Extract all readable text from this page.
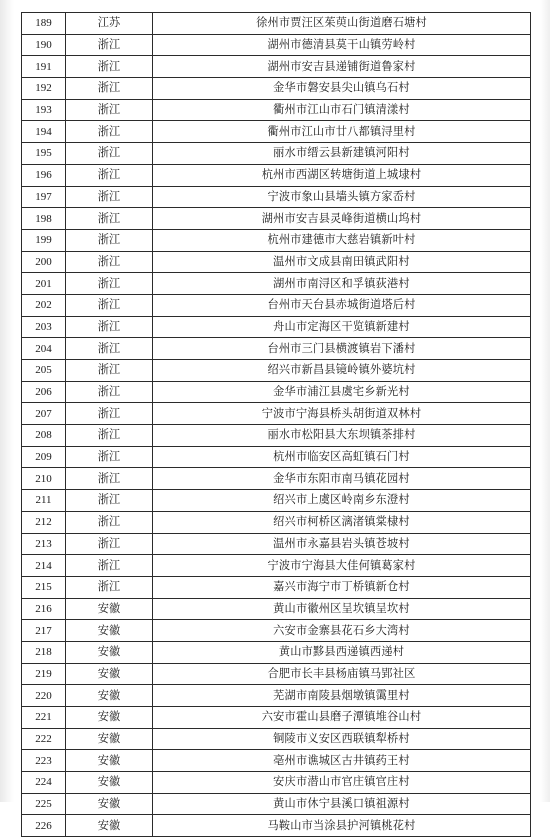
189	江苏	徐州市贾汪区茱萸山街道磨石塘村
190	浙江	湖州市德清县莫干山镇劳岭村
191	浙江	湖州市安吉县递铺街道鲁家村
192	浙江	金华市磐安县尖山镇乌石村
193	浙江	衢州市江山市石门镇清漾村
194	浙江	衢州市江山市廿八都镇浔里村
195	浙江	丽水市缙云县新建镇河阳村
196	浙江	杭州市西湖区转塘街道上城埭村
197	浙江	宁波市象山县墙头镇方家岙村
198	浙江	湖州市安吉县灵峰街道横山坞村
199	浙江	杭州市建德市大慈岩镇新叶村
200	浙江	温州市文成县南田镇武阳村
201	浙江	湖州市南浔区和孚镇荻港村
202	浙江	台州市天台县赤城街道塔后村
203	浙江	舟山市定海区干览镇新建村
204	浙江	台州市三门县横渡镇岩下潘村
205	浙江	绍兴市新昌县镜岭镇外婆坑村
206	浙江	金华市浦江县虞宅乡新光村
207	浙江	宁波市宁海县桥头胡街道双林村
208	浙江	丽水市松阳县大东坝镇茶排村
209	浙江	杭州市临安区高虹镇石门村
210	浙江	金华市东阳市南马镇花园村
211	浙江	绍兴市上虞区岭南乡东澄村
212	浙江	绍兴市柯桥区漓渚镇棠棣村
213	浙江	温州市永嘉县岩头镇苍坡村
214	浙江	宁波市宁海县大佳何镇葛家村
215	浙江	嘉兴市海宁市丁桥镇新仓村
216	安徽	黄山市徽州区呈坎镇呈坎村
217	安徽	六安市金寨县花石乡大湾村
218	安徽	黄山市黟县西递镇西递村
219	安徽	合肥市长丰县杨庙镇马郢社区
220	安徽	芜湖市南陵县烟墩镇霭里村
221	安徽	六安市霍山县磨子潭镇堆谷山村
222	安徽	铜陵市义安区西联镇犁桥村
223	安徽	亳州市谯城区古井镇药王村
224	安徽	安庆市潜山市官庄镇官庄村
225	安徽	黄山市休宁县溪口镇祖源村
226	安徽	马鞍山市当涂县护河镇桃花村
